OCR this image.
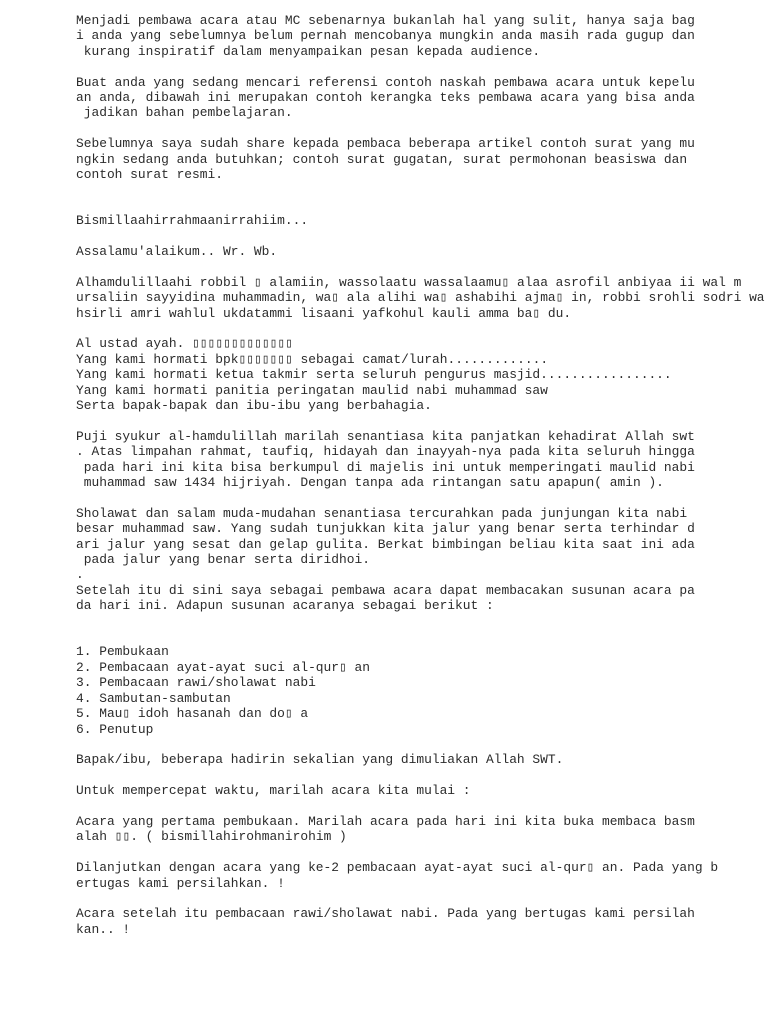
Menjadi pembawa acara atau MC sebenarnya bukanlah hal yang sulit, hanya saja bag
i anda yang sebelumnya belum pernah mencobanya mungkin anda masih rada gugup dan
kurang inspiratif dalam menyampaikan pesan kepada audience.
Buat anda yang sedang mencari referensi contoh naskah pembawa acara untuk kepelu
an anda, dibawah ini merupakan contoh kerangka teks pembawa acara yang bisa anda
jadikan bahan pembelajaran.
Sebelumnya saya sudah share kepada pembaca beberapa artikel contoh surat yang mu
ngkin sedang anda butuhkan; contoh surat gugatan, surat permohonan beasiswa dan
contoh surat resmi.
Bismillaahirrahmaanirrahiim...
Assalamu'alaikum.. Wr. Wb.
Alhamdulillaahi robbil ▯ alamiin, wassolaatu wassalaamu▯ alaa asrofil anbiyaa ii wal m
ursaliin sayyidina muhammadin, wa▯ ala alihi wa▯ ashabihi ajma▯ in, robbi srohli sodri wa
hsirli amri wahlul ukdatammi lisaani yafkohul kauli amma ba▯ du.
Al ustad ayah. ▯▯▯▯▯▯▯▯▯▯▯▯▯
Yang kami hormati bpk▯▯▯▯▯▯▯ sebagai camat/lurah.............
Yang kami hormati ketua takmir serta seluruh pengurus masjid.................
Yang kami hormati panitia peringatan maulid nabi muhammad saw
Serta bapak-bapak dan ibu-ibu yang berbahagia.
Puji syukur al-hamdulillah marilah senantiasa kita panjatkan kehadirat Allah swt
. Atas limpahan rahmat, taufiq, hidayah dan inayyah-nya pada kita seluruh hingga
pada hari ini kita bisa berkumpul di majelis ini untuk memperingati maulid nabi
muhammad saw 1434 hijriyah. Dengan tanpa ada rintangan satu apapun( amin ).
Sholawat dan salam muda-mudahan senantiasa tercurahkan pada junjungan kita nabi
besar muhammad saw. Yang sudah tunjukkan kita jalur yang benar serta terhindar d
ari jalur yang sesat dan gelap gulita. Berkat bimbingan beliau kita saat ini ada
pada jalur yang benar serta diridhoi.
.
Setelah itu di sini saya sebagai pembawa acara dapat membacakan susunan acara pa
da hari ini. Adapun susunan acaranya sebagai berikut :
1. Pembukaan
2. Pembacaan ayat-ayat suci al-qur▯ an
3. Pembacaan rawi/sholawat nabi
4. Sambutan-sambutan
5. Mau▯ idoh hasanah dan do▯ a
6. Penutup
Bapak/ibu, beberapa hadirin sekalian yang dimuliakan Allah SWT.
Untuk mempercepat waktu, marilah acara kita mulai :
Acara yang pertama pembukaan. Marilah acara pada hari ini kita buka membaca basm
alah ▯▯. ( bismillahirohmanirohim )
Dilanjutkan dengan acara yang ke-2 pembacaan ayat-ayat suci al-qur▯ an. Pada yang b
ertugas kami persilahkan. !
Acara setelah itu pembacaan rawi/sholawat nabi. Pada yang bertugas kami persilah
kan.. !
